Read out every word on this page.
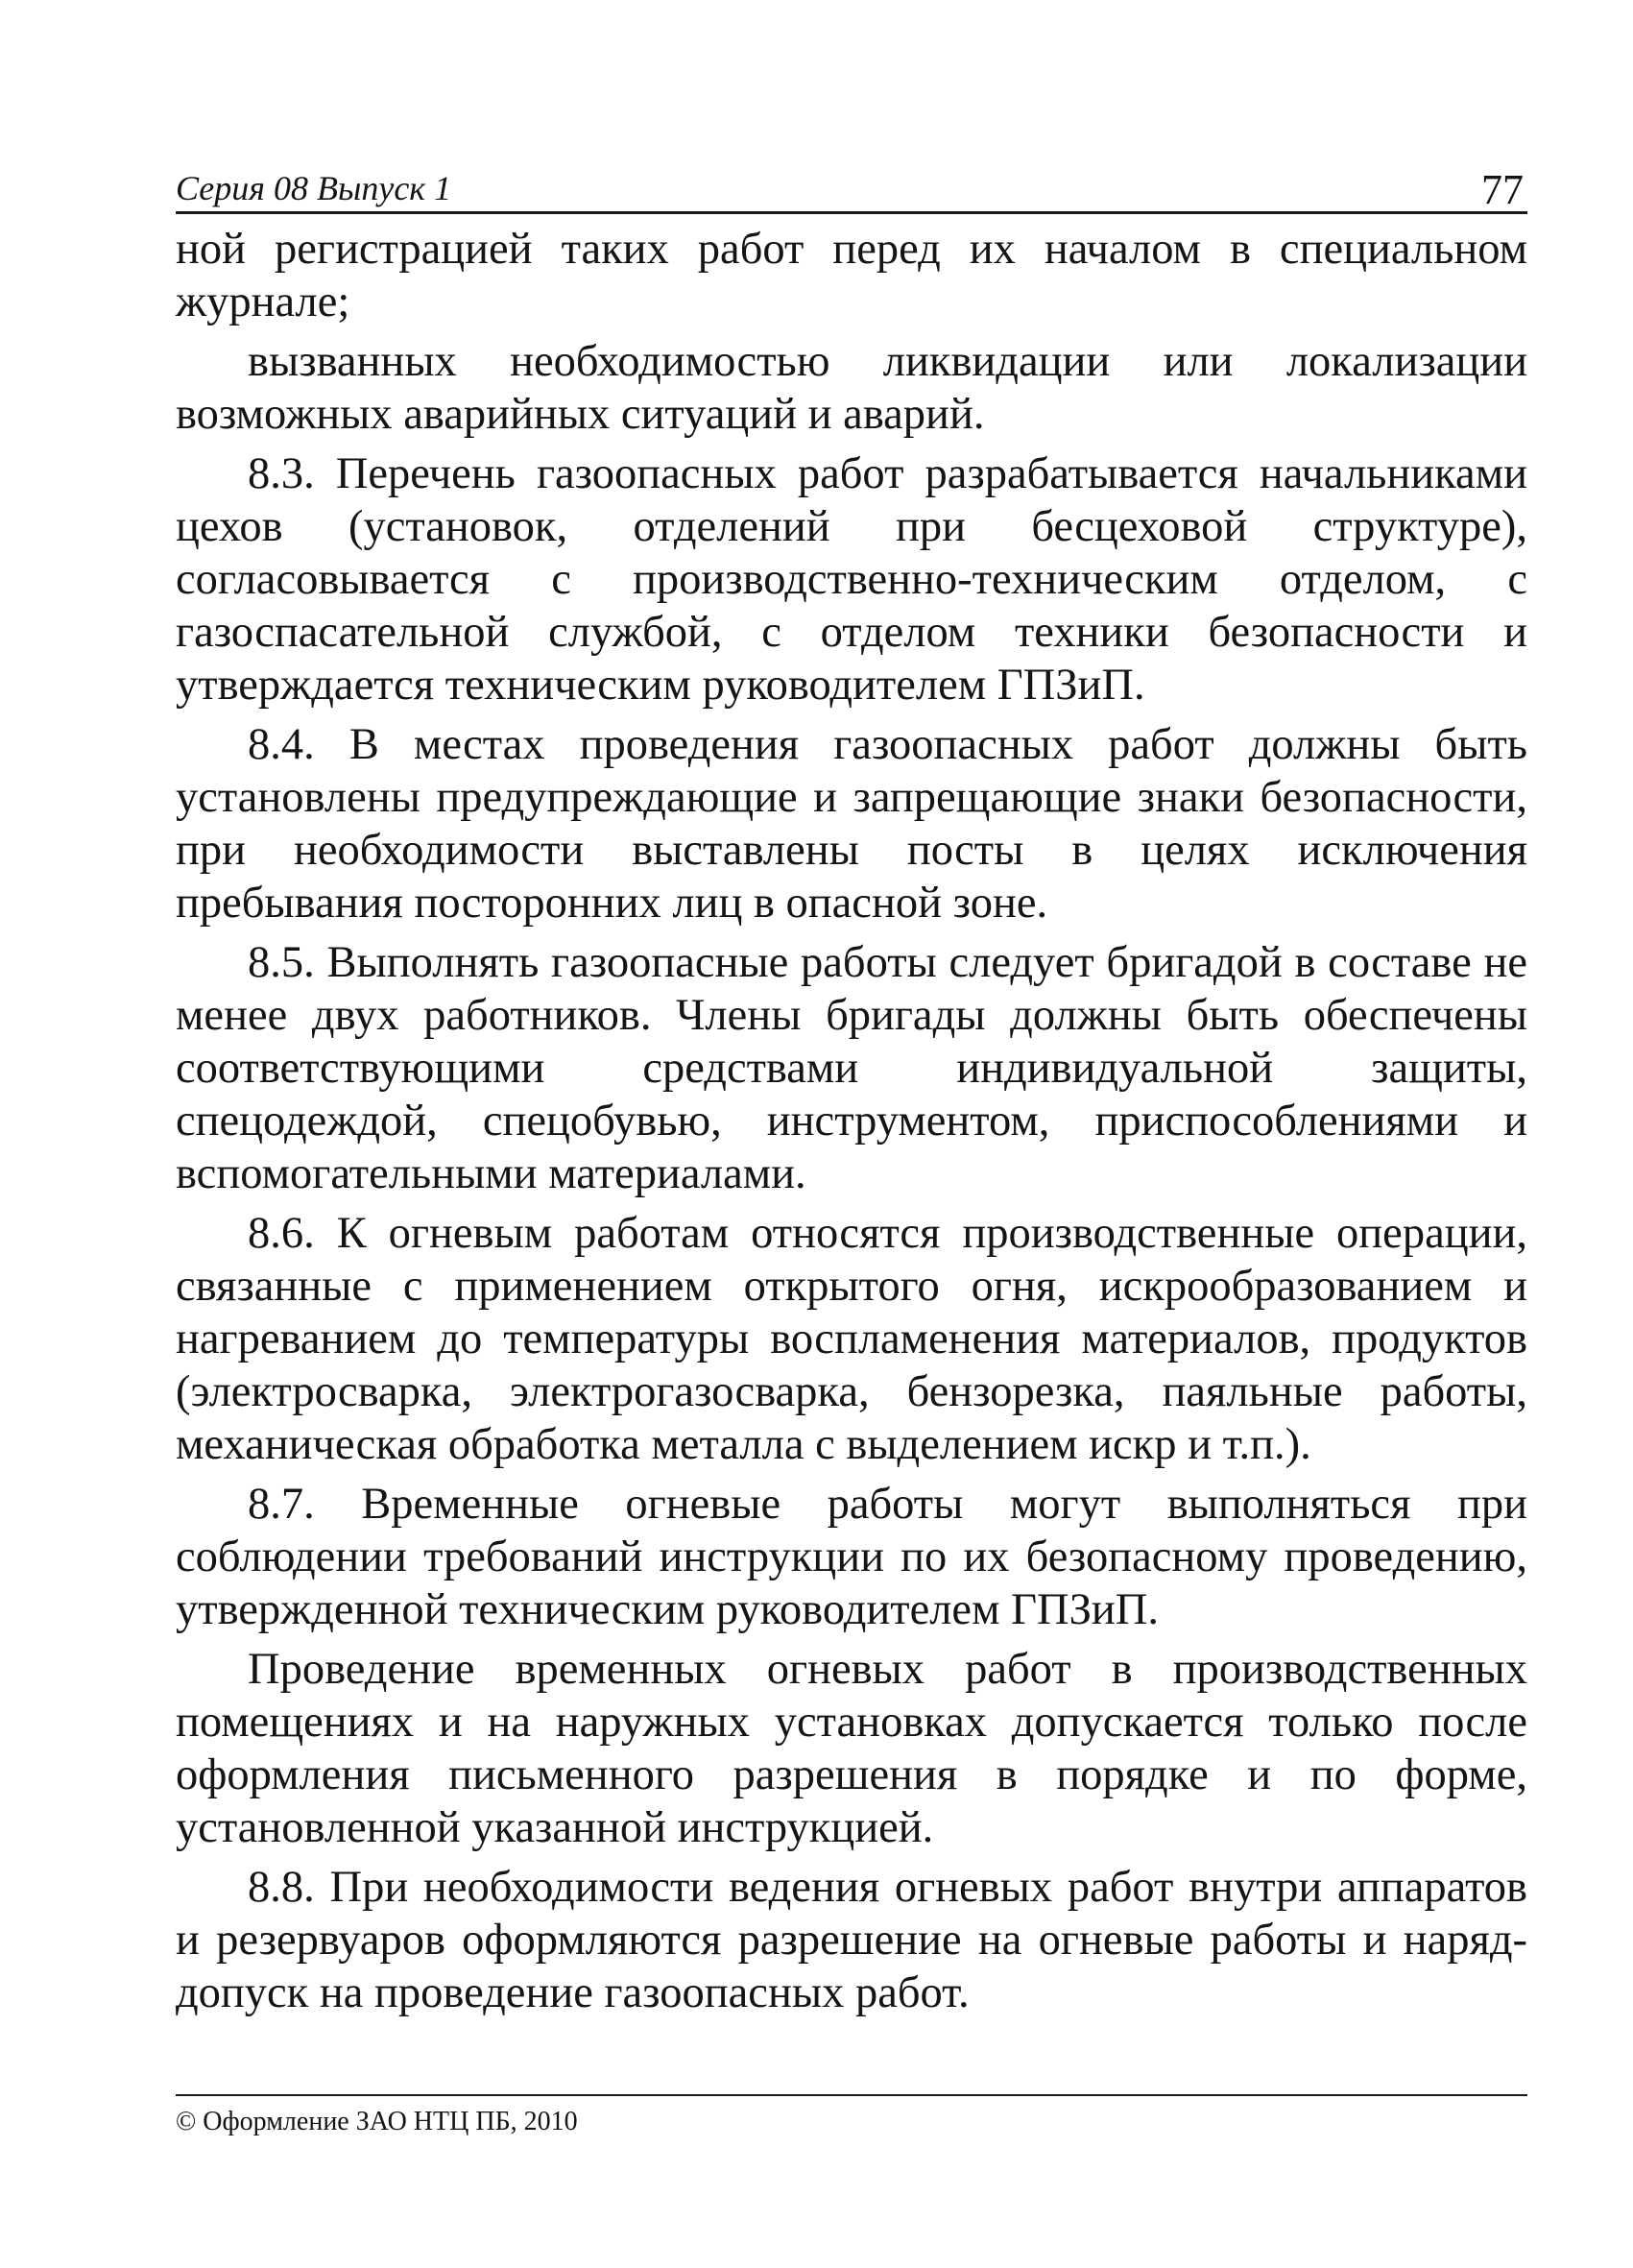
Серия 08 Выпуск 1	77

ной регистрацией таких работ перед их началом в специальном журнале;

вызванных необходимостью ликвидации или локализации возможных аварийных ситуаций и аварий.

8.3. Перечень газоопасных работ разрабатывается начальниками цехов (установок, отделений при бесцеховой структуре), согласовывается с производственно-техническим отделом, с газоспасательной службой, с отделом техники безопасности и утверждается техническим руководителем ГПЗиП.

8.4. В местах проведения газоопасных работ должны быть установлены предупреждающие и запрещающие знаки безопасности, при необходимости выставлены посты в целях исключения пребывания посторонних лиц в опасной зоне.

8.5. Выполнять газоопасные работы следует бригадой в составе не менее двух работников. Члены бригады должны быть обеспечены соответствующими средствами индивидуальной защиты, спецодеждой, спецобувью, инструментом, приспособлениями и вспомогательными материалами.

8.6. К огневым работам относятся производственные операции, связанные с применением открытого огня, искрообразованием и нагреванием до температуры воспламенения материалов, продуктов (электросварка, электрогазосварка, бензорезка, паяльные работы, механическая обработка металла с выделением искр и т.п.).

8.7. Временные огневые работы могут выполняться при соблюдении требований инструкции по их безопасному проведению, утвержденной техническим руководителем ГПЗиП.

Проведение временных огневых работ в производственных помещениях и на наружных установках допускается только после оформления письменного разрешения в порядке и по форме, установленной указанной инструкцией.

8.8. При необходимости ведения огневых работ внутри аппаратов и резервуаров оформляются разрешение на огневые работы и наряд-допуск на проведение газоопасных работ.

© Оформление ЗАО НТЦ ПБ, 2010
